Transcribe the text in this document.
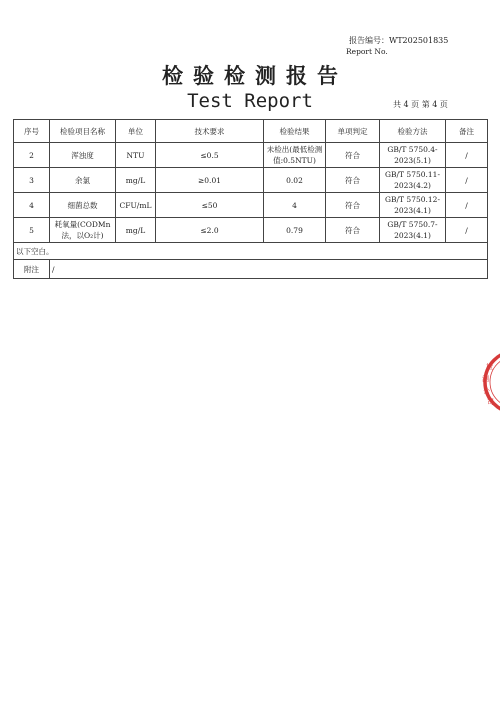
报告编号：WT202501835
Report No.
检验检测报告
Test Report	共 4 页 第 4 页
序号	检验项目名称	单位	技术要求	检验结果	单项判定	检验方法	备注
2	浑浊度	NTU	≤0.5	未检出(最低检测值:0.5NTU)	符合	GB/T 5750.4-2023(5.1)	/
3	余氯	mg/L	≥0.01	0.02	符合	GB/T 5750.11-2023(4.2)	/
4	细菌总数	CFU/mL	≤50	4	符合	GB/T 5750.12-2023(4.1)	/
5	耗氧量(CODMn法，以O₂计)	mg/L	≤2.0	0.79	符合	GB/T 5750.7-2023(4.1)	/
以下空白。							
附注	/						
检
测
公
司
